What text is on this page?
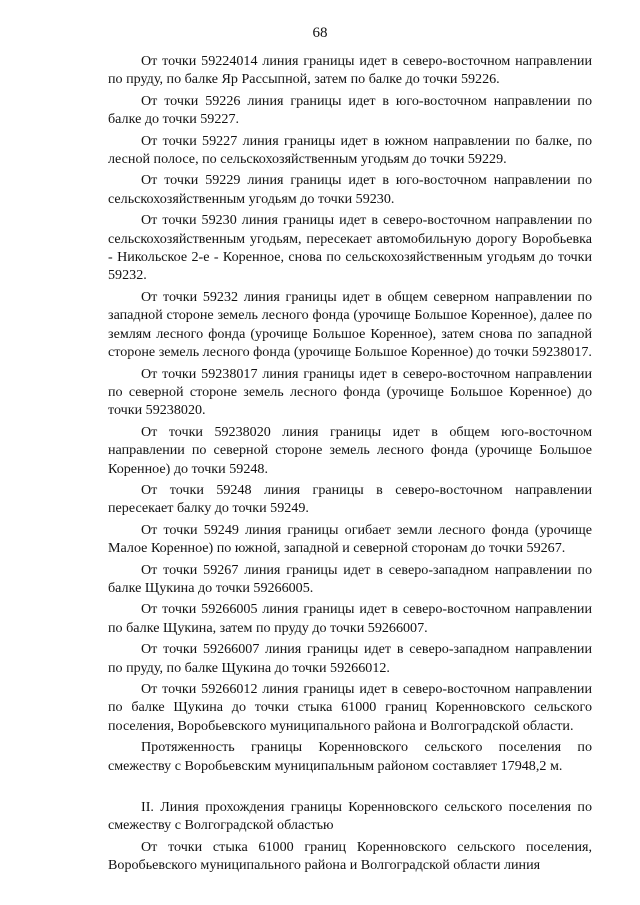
68

От точки 59224014 линия границы идет в северо-восточном направлении по пруду, по балке Яр Рассыпной, затем по балке до точки 59226.

От точки 59226 линия границы идет в юго-восточном направлении по балке до точки 59227.

От точки 59227 линия границы идет в южном направлении по балке, по лесной полосе, по сельскохозяйственным угодьям до точки 59229.

От точки 59229 линия границы идет в юго-восточном направлении по сельскохозяйственным угодьям до точки 59230.

От точки 59230 линия границы идет в северо-восточном направлении по сельскохозяйственным угодьям, пересекает автомобильную дорогу Воробьевка - Никольское 2-е - Коренное, снова по сельскохозяйственным угодьям до точки 59232.

От точки 59232 линия границы идет в общем северном направлении по западной стороне земель лесного фонда (урочище Большое Коренное), далее по землям лесного фонда (урочище Большое Коренное), затем снова по западной стороне земель лесного фонда (урочище Большое Коренное) до точки 59238017.

От точки 59238017 линия границы идет в северо-восточном направлении по северной стороне земель лесного фонда (урочище Большое Коренное) до точки 59238020.

От точки 59238020 линия границы идет в общем юго-восточном направлении по северной стороне земель лесного фонда (урочище Большое Коренное) до точки 59248.

От точки 59248 линия границы в северо-восточном направлении пересекает балку до точки 59249.

От точки 59249 линия границы огибает земли лесного фонда (урочище Малое Коренное) по южной, западной и северной сторонам до точки 59267.

От точки 59267 линия границы идет в северо-западном направлении по балке Щукина до точки 59266005.

От точки 59266005 линия границы идет в северо-восточном направлении по балке Щукина, затем по пруду до точки 59266007.

От точки 59266007 линия границы идет в северо-западном направлении по пруду, по балке Щукина до точки 59266012.

От точки 59266012 линия границы идет в северо-восточном направлении по балке Щукина до точки стыка 61000 границ Коренновского сельского поселения, Воробьевского муниципального района и Волгоградской области.

Протяженность границы Коренновского сельского поселения по смежеству с Воробьевским муниципальным районом составляет 17948,2 м.

II. Линия прохождения границы Коренновского сельского поселения по смежеству с Волгоградской областью

От точки стыка 61000 границ Коренновского сельского поселения, Воробьевского муниципального района и Волгоградской области линия
